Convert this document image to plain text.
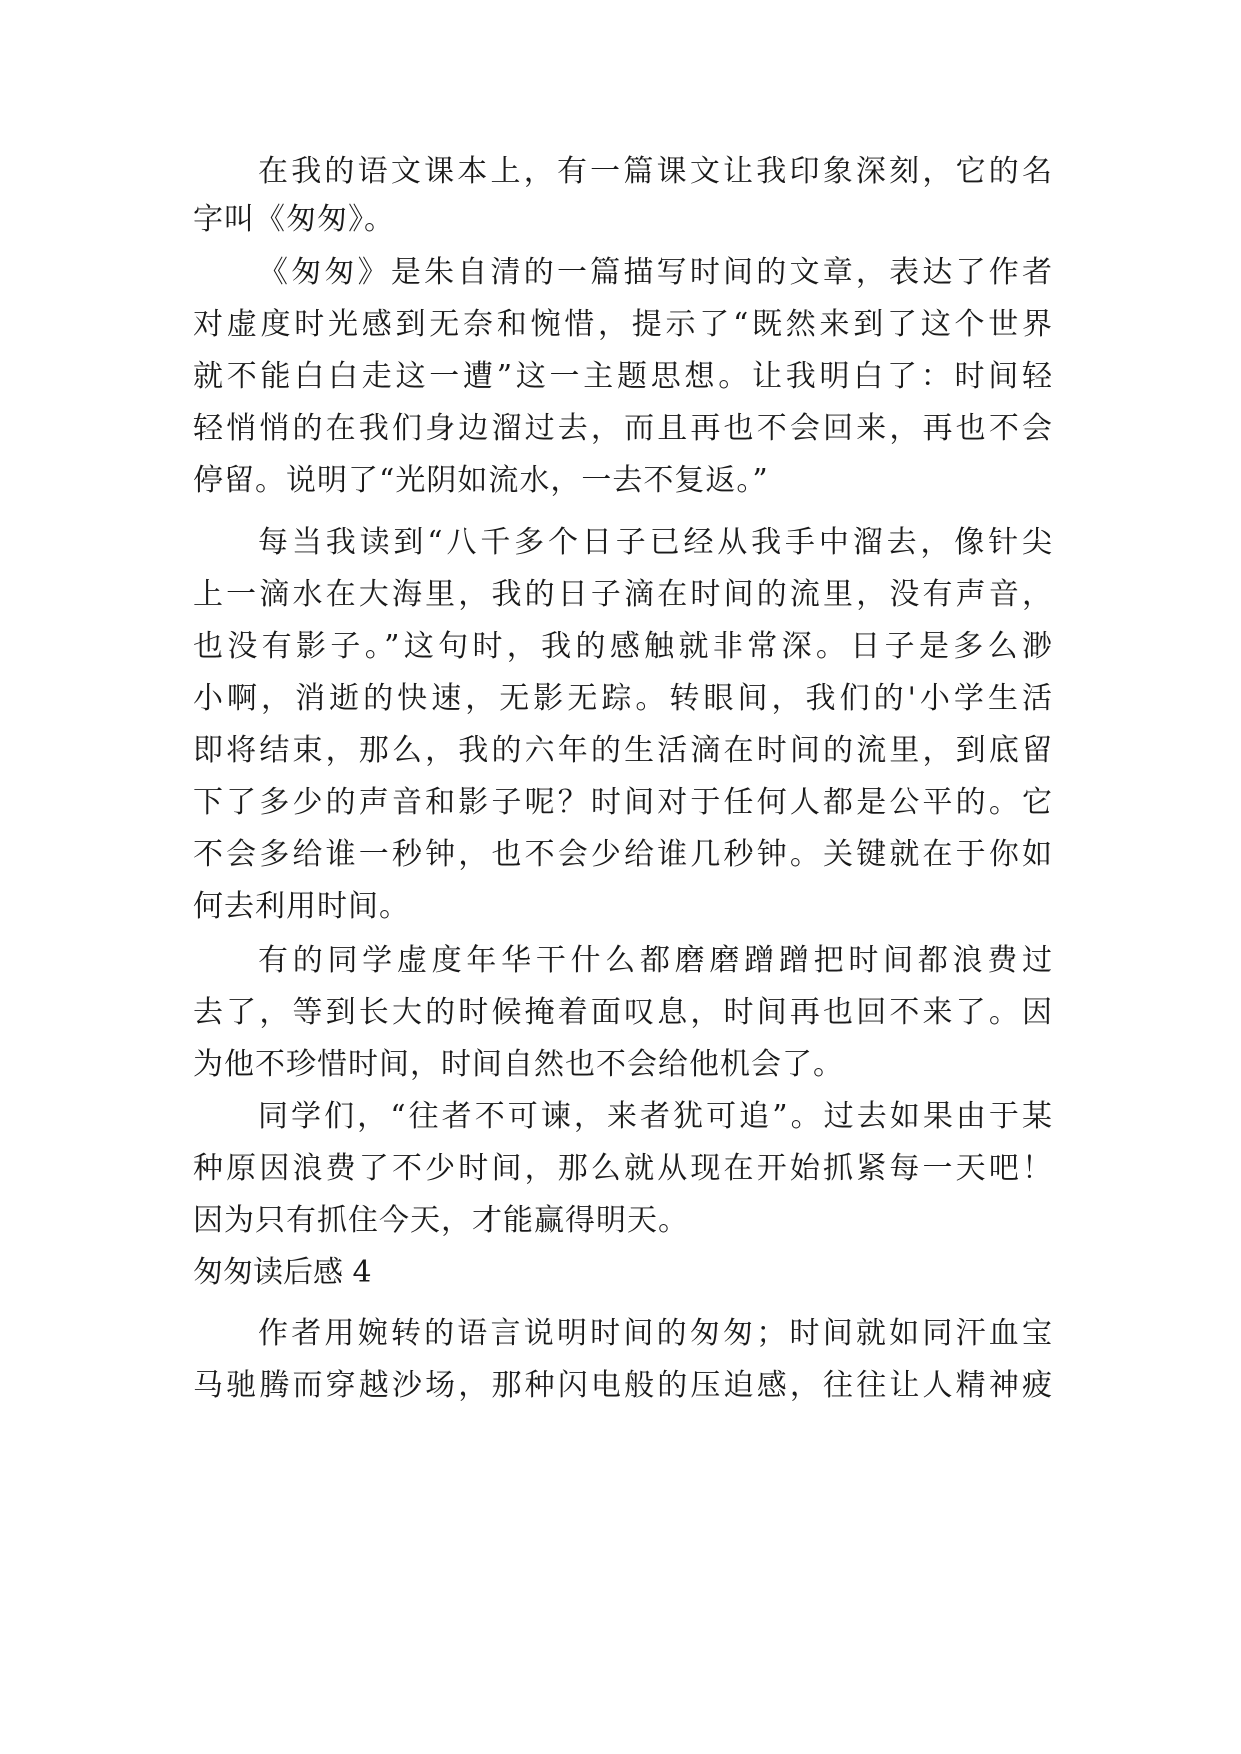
在我的语文课本上，有一篇课文让我印象深刻，它的名
字叫《匆匆》。
《匆匆》是朱自清的一篇描写时间的文章，表达了作者
对虚度时光感到无奈和惋惜，提示了“既然来到了这个世界
就不能白白走这一遭”这一主题思想。让我明白了：时间轻
轻悄悄的在我们身边溜过去，而且再也不会回来，再也不会
停留。说明了“光阴如流水，一去不复返。”
每当我读到“八千多个日子已经从我手中溜去，像针尖
上一滴水在大海里，我的日子滴在时间的流里，没有声音，
也没有影子。”这句时，我的感触就非常深。日子是多么渺
小啊，消逝的快速，无影无踪。转眼间，我们的'小学生活
即将结束，那么，我的六年的生活滴在时间的流里，到底留
下了多少的声音和影子呢？时间对于任何人都是公平的。它
不会多给谁一秒钟，也不会少给谁几秒钟。关键就在于你如
何去利用时间。
有的同学虚度年华干什么都磨磨蹭蹭把时间都浪费过
去了，等到长大的时候掩着面叹息，时间再也回不来了。因
为他不珍惜时间，时间自然也不会给他机会了。
同学们，“往者不可谏，来者犹可追”。过去如果由于某
种原因浪费了不少时间，那么就从现在开始抓紧每一天吧！
因为只有抓住今天，才能赢得明天。
匆匆读后感 4
作者用婉转的语言说明时间的匆匆；时间就如同汗血宝
马驰腾而穿越沙场，那种闪电般的压迫感，往往让人精神疲
